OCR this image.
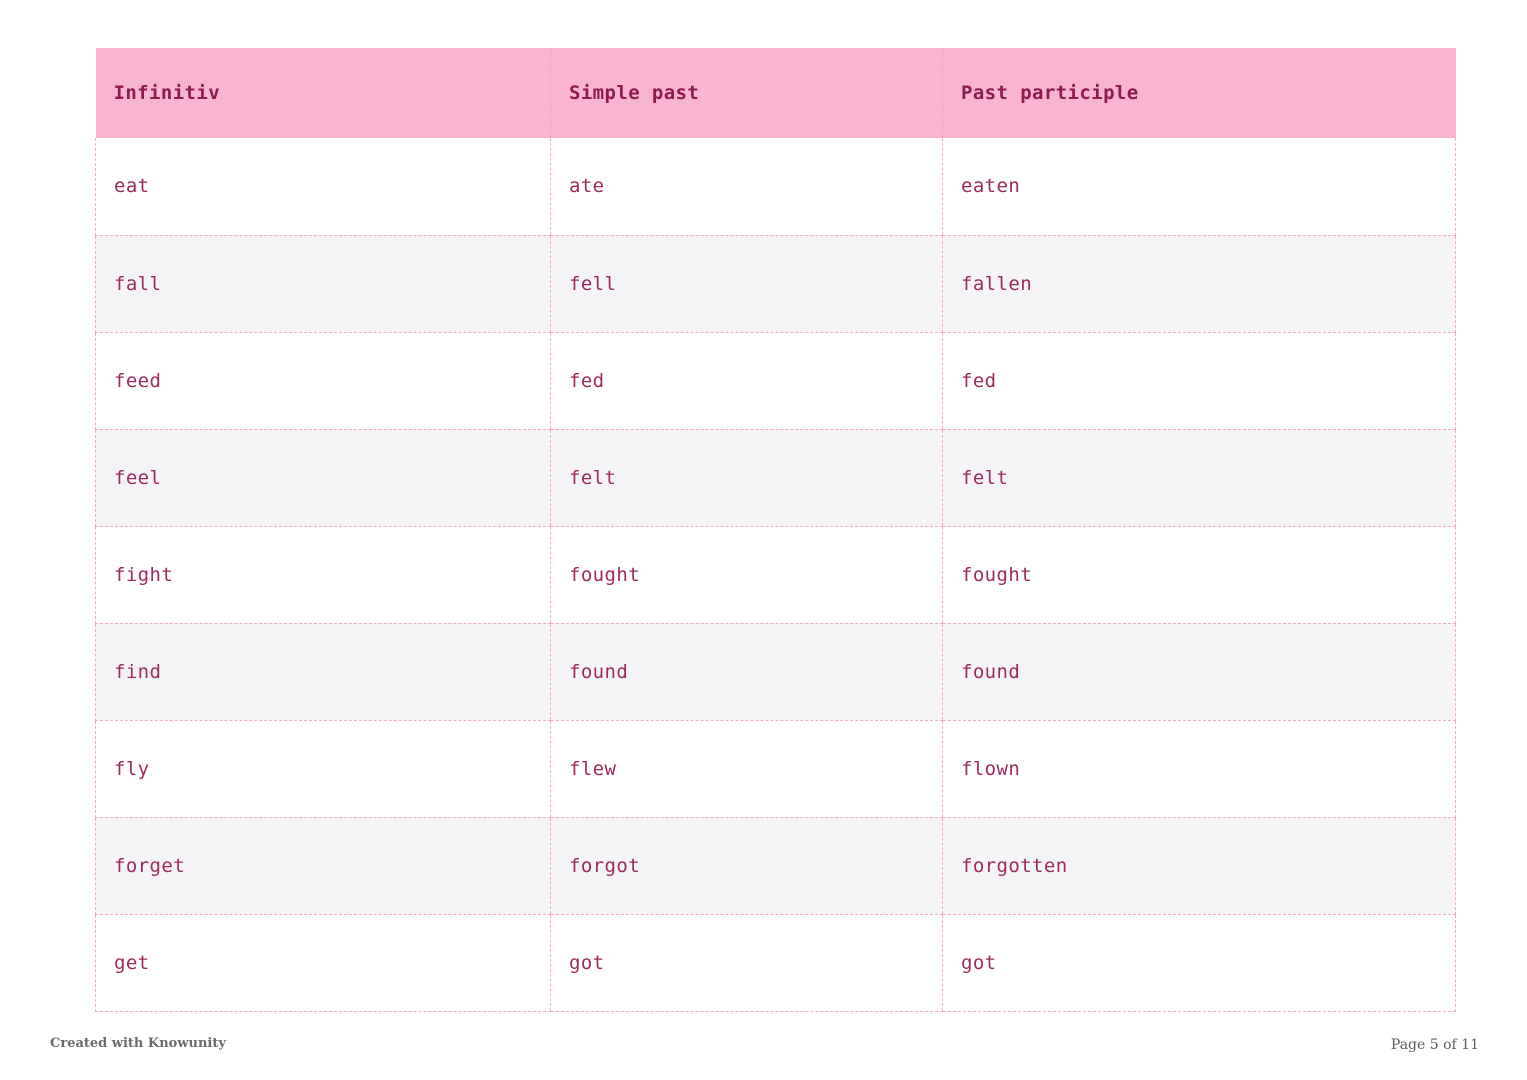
Infinitiv	Simple past	Past participle
eat	ate	eaten
fall	fell	fallen
feed	fed	fed
feel	felt	felt
fight	fought	fought
find	found	found
fly	flew	flown
forget	forgot	forgotten
get	got	got
Created with Knowunity	Page 5 of 11
